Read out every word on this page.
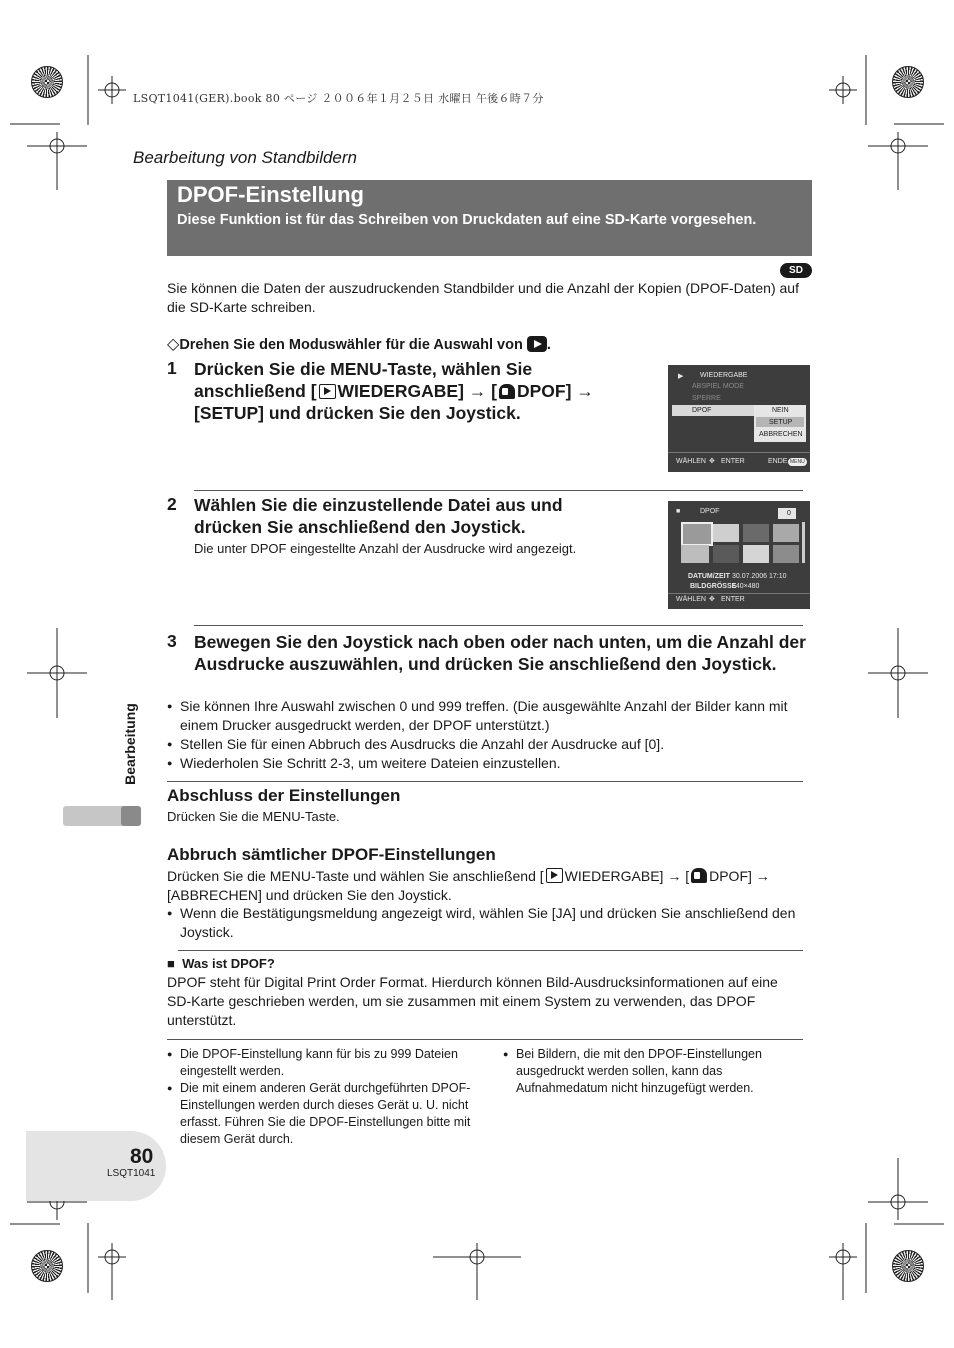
LSQT1041(GER).book 80 ページ ２００６年１月２５日 水曜日 午後６時７分
Bearbeitung von Standbildern
DPOF-Einstellung
Diese Funktion ist für das Schreiben von Druckdaten auf eine SD-Karte vorgesehen.
SD
Sie können die Daten der auszudruckenden Standbilder und die Anzahl der Kopien (DPOF-Daten) auf die SD-Karte schreiben.
◇Drehen Sie den Moduswähler für die Auswahl von .
1 Drücken Sie die MENU-Taste, wählen Sie anschließend [ WIEDERGABE] → [ DPOF] → [SETUP] und drücken Sie den Joystick.
▶ WIEDERGABE
ABSPIEL MODE
SPERRE
DPOF	NEIN
SETUP
ABBRECHEN
WÄHLEN ✥ ENTER	ENDE MENU
2 Wählen Sie die einzustellende Datei aus und drücken Sie anschließend den Joystick.
Die unter DPOF eingestellte Anzahl der Ausdrucke wird angezeigt.
■	DPOF	0
DATUM/ZEIT 30.07.2006 17:10
BILDGRÖSSE
640×480
WÄHLEN ✥ ENTER
3 Bewegen Sie den Joystick nach oben oder nach unten, um die Anzahl der Ausdrucke auszuwählen, und drücken Sie anschließend den Joystick.
● Sie können Ihre Auswahl zwischen 0 und 999 treffen. (Die ausgewählte Anzahl der Bilder kann mit einem Drucker ausgedruckt werden, der DPOF unterstützt.)
● Stellen Sie für einen Abbruch des Ausdrucks die Anzahl der Ausdrucke auf [0].
● Wiederholen Sie Schritt 2-3, um weitere Dateien einzustellen.
Bearbeitung
Abschluss der Einstellungen
Drücken Sie die MENU-Taste.
Abbruch sämtlicher DPOF-Einstellungen
Drücken Sie die MENU-Taste und wählen Sie anschließend [ WIEDERGABE] → [ DPOF] → [ABBRECHEN] und drücken Sie den Joystick.
● Wenn die Bestätigungsmeldung angezeigt wird, wählen Sie [JA] und drücken Sie anschließend den Joystick.
■ Was ist DPOF?
DPOF steht für Digital Print Order Format. Hierdurch können Bild-Ausdrucksinformationen auf eine SD-Karte geschrieben werden, um sie zusammen mit einem System zu verwenden, das DPOF unterstützt.
● Die DPOF-Einstellung kann für bis zu 999 Dateien eingestellt werden.
● Die mit einem anderen Gerät durchgeführten DPOF-Einstellungen werden durch dieses Gerät u. U. nicht erfasst. Führen Sie die DPOF-Einstellungen bitte mit diesem Gerät durch.
● Bei Bildern, die mit den DPOF-Einstellungen ausgedruckt werden sollen, kann das Aufnahmedatum nicht hinzugefügt werden.
80
LSQT1041
